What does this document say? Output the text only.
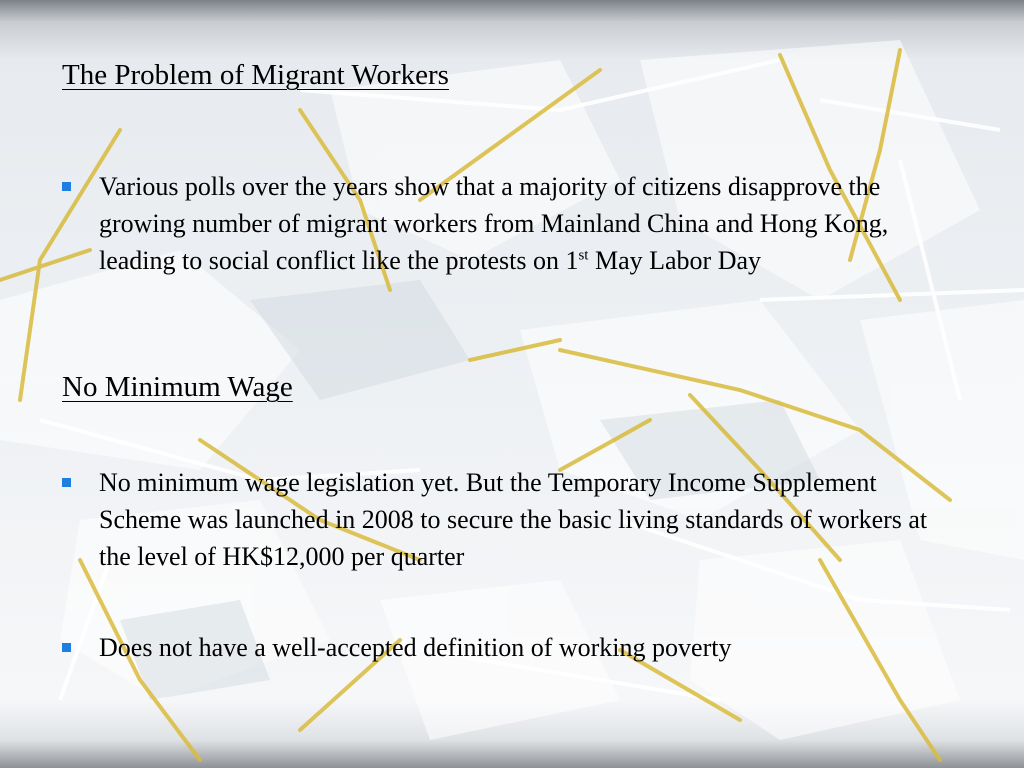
The Problem of Migrant Workers
Various polls over the years show that a majority of citizens disapprove the growing number of migrant workers from Mainland China and Hong Kong, leading to social conflict like the protests on 1st May Labor Day
No Minimum Wage
No minimum wage legislation yet. But the Temporary Income Supplement Scheme was launched in 2008 to secure the basic living standards of workers at the level of HK$12,000 per quarter
Does not have a well-accepted definition of working poverty
